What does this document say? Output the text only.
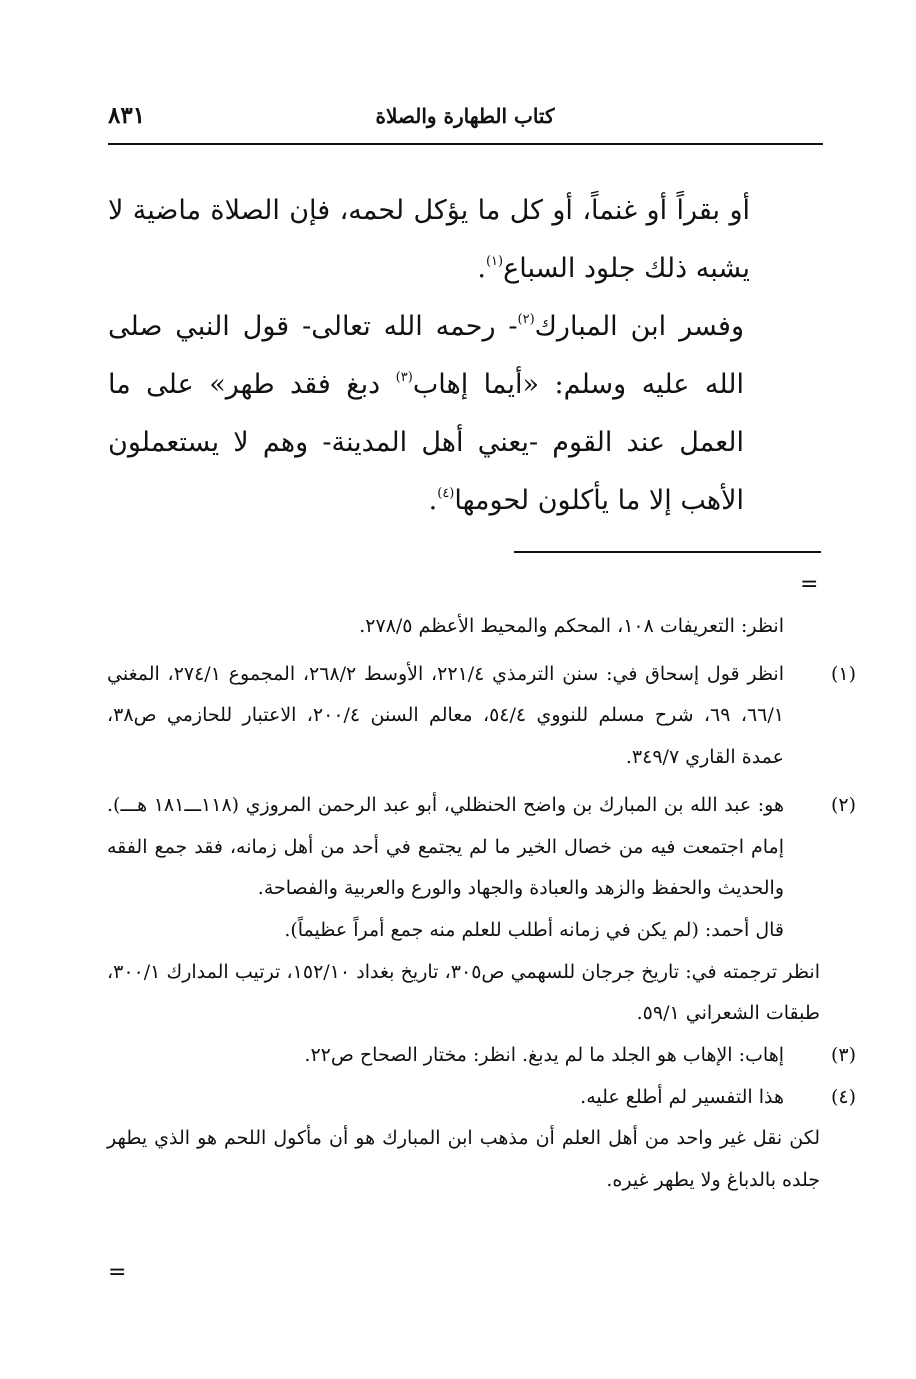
٨٣١	كتاب الطهارة والصلاة

أو بقراً أو غنماً، أو كل ما يؤكل لحمه، فإن الصلاة ماضية لا يشبه ذلك جلود السباع$^{(١)}$.

وفسر ابن المبارك$^{(٢)}$- رحمه الله تعالى- قول النبي صلى الله عليه وسلم: «أيما إهاب$^{(٣)}$ دبغ فقد طهر» على ما العمل عند القوم -يعني أهل المدينة- وهم لا يستعملون الأهب إلا ما يأكلون لحومها$^{(٤)}$.

=

انظر: التعريفات ١٠٨، المحكم والمحيط الأعظم ٢٧٨/٥.

(١)انظر قول إسحاق في: سنن الترمذي ٢٢١/٤، الأوسط ٢٦٨/٢، المجموع ٢٧٤/١، المغني ٦٦/١، ٦٩، شرح مسلم للنووي ٥٤/٤، معالم السنن ٢٠٠/٤، الاعتبار للحازمي ص٣٨، عمدة القاري ٣٤٩/٧.

(٢)هو: عبد الله بن المبارك بن واضح الحنظلي، أبو عبد الرحمن المروزي (١١٨ـــ١٨١ هـــ). إمام اجتمعت فيه من خصال الخير ما لم يجتمع في أحد من أهل زمانه، فقد جمع الفقه والحديث والحفظ والزهد والعبادة والجهاد والورع والعربية والفصاحة.

قال أحمد: (لم يكن في زمانه أطلب للعلم منه جمع أمراً عظيماً).

انظر ترجمته في: تاريخ جرجان للسهمي ص٣٠٥، تاريخ بغداد ١٥٢/١٠، ترتيب المدارك ٣٠٠/١، طبقات الشعراني ٥٩/١.

(٣)إهاب: الإهاب هو الجلد ما لم يدبغ. انظر: مختار الصحاح ص٢٢.

(٤)هذا التفسير لم أطلع عليه.

لكن نقل غير واحد من أهل العلم أن مذهب ابن المبارك هو أن مأكول اللحم هو الذي يطهر جلده بالدباغ ولا يطهر غيره.

=
